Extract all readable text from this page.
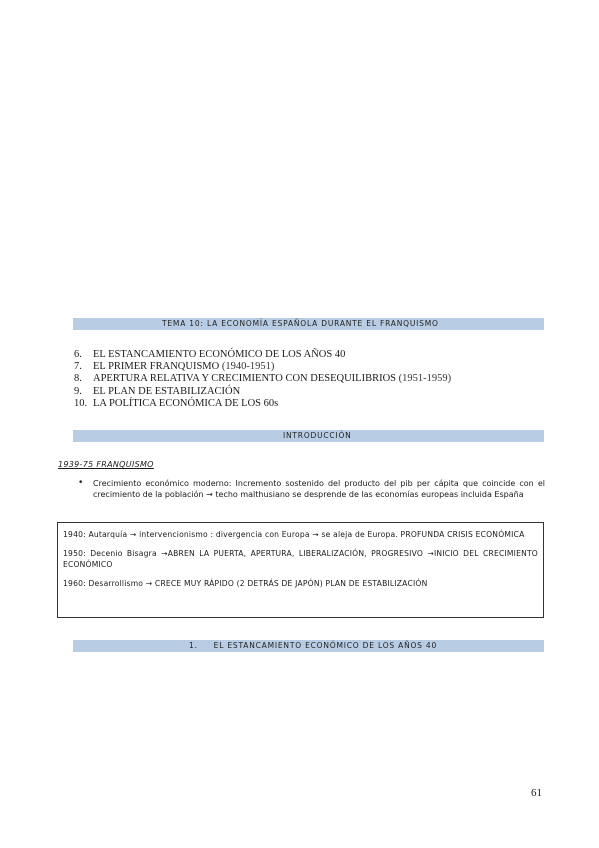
TEMA 10: LA ECONOMÍA ESPAÑOLA DURANTE EL FRANQUISMO
6.	EL ESTANCAMIENTO ECONÓMICO DE LOS AÑOS 40
7.	EL PRIMER FRANQUISMO (1940-1951)
8.	APERTURA RELATIVA Y CRECIMIENTO CON DESEQUILIBRIOS (1951-1959)
9.	EL PLAN DE ESTABILIZACIÓN
10. LA POLÍTICA ECONÓMICA DE LOS 60s
INTRODUCCIÓN
1939-75 FRANQUISMO
• Crecimiento económico moderno: Incremento sostenido del producto del pib per cápita que coincide con el crecimiento de la población → techo malthusiano se desprende de las economías europeas incluida España

1940: Autarquía → intervencionismo : divergencia con Europa → se aleja de Europa. PROFUNDA CRISIS ECONÓMICA

1950: Decenio Bisagra →ABREN LA PUERTA, APERTURA, LIBERALIZACIÓN, PROGRESIVO →INICIO DEL CRECIMIENTO ECONÓMICO

1960: Desarrollismo → CRECE MUY RÁPIDO (2 DETRÁS DE JAPÓN) PLAN DE ESTABILIZACIÓN

1.     EL ESTANCAMIENTO ECONÓMICO DE LOS AÑOS 40
61
